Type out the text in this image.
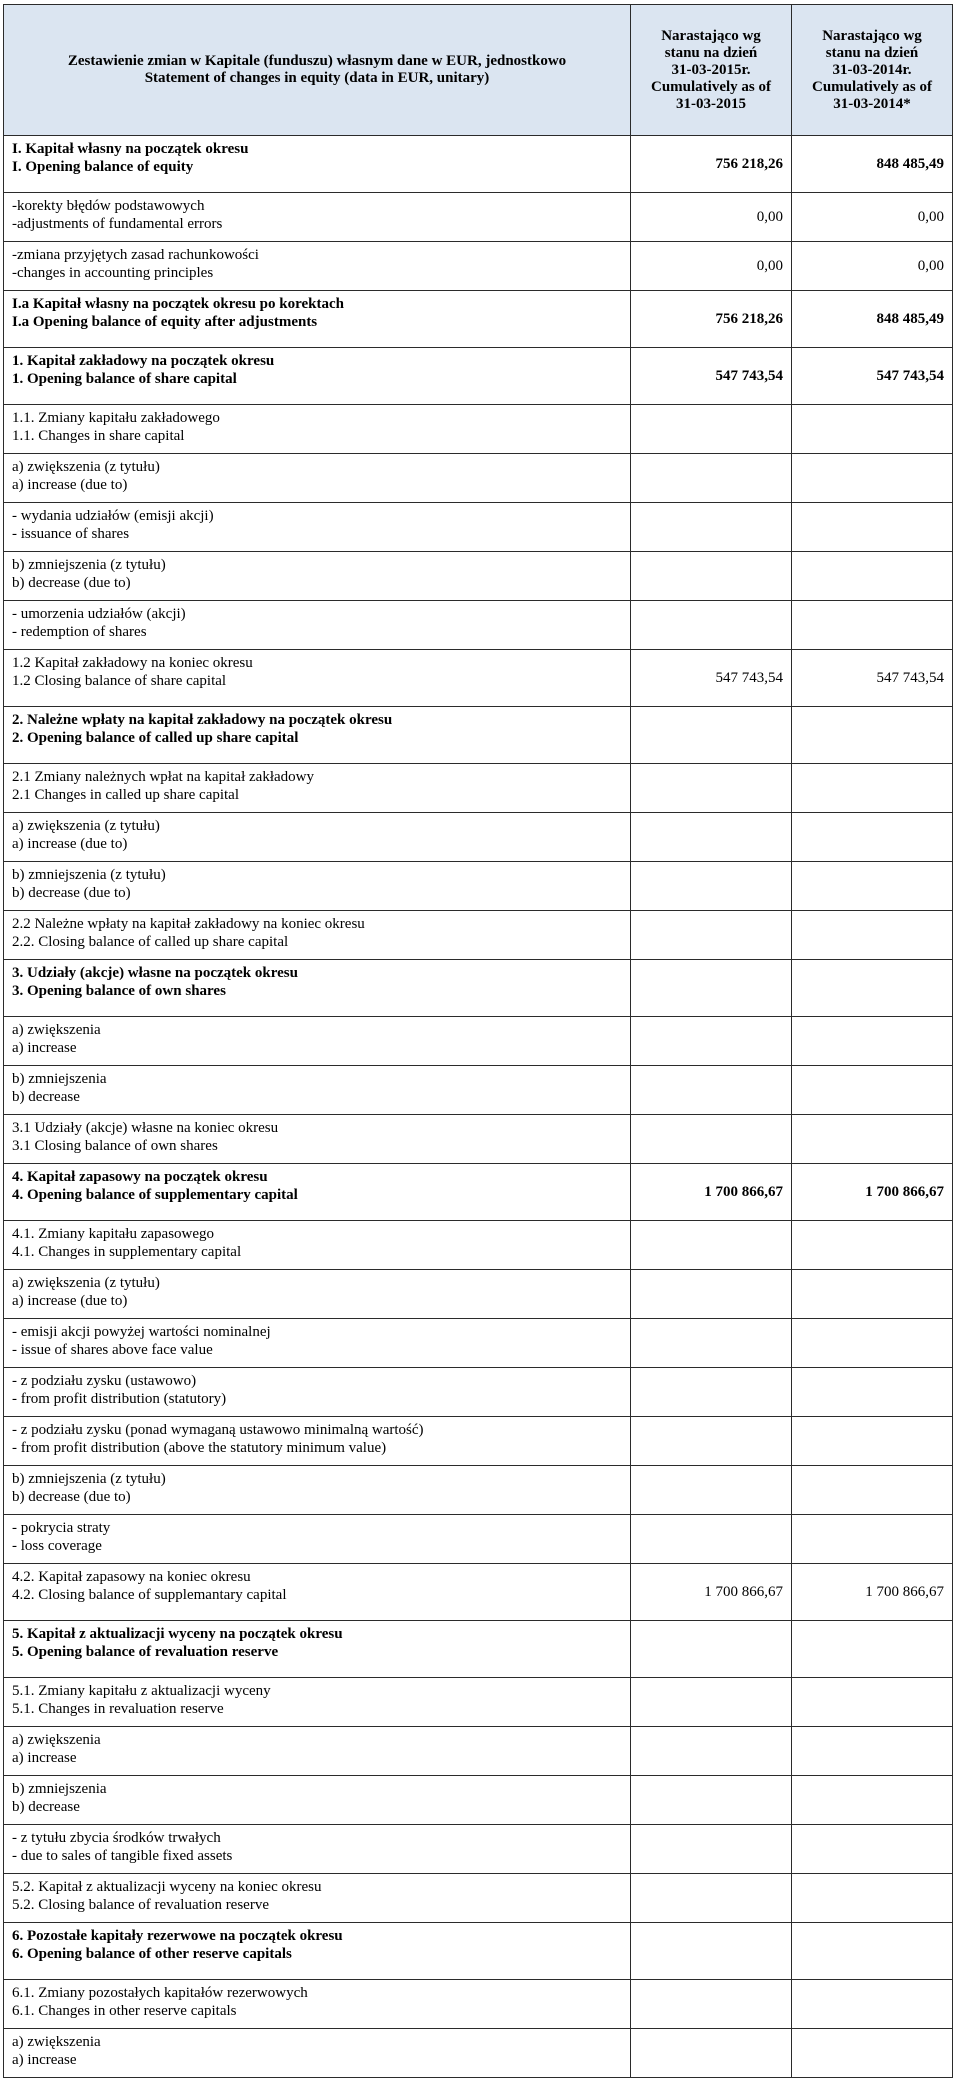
Zestawienie zmian w Kapitale (funduszu) własnym dane w EUR, jednostkowo
Statement of changes in equity (data in EUR, unitary)	Narastająco wg
stanu na dzień
31-03-2015r.
Cumulatively as of
31-03-2015	Narastająco wg
stanu na dzień
31-03-2014r.
Cumulatively as of
31-03-2014*
I. Kapitał własny na początek okresu
I. Opening balance of equity	756 218,26	848 485,49
-korekty błędów podstawowych
-adjustments of fundamental errors	0,00	0,00
-zmiana przyjętych zasad rachunkowości
-changes in accounting principles	0,00	0,00
I.a Kapitał własny na początek okresu po korektach
I.a Opening balance of equity after adjustments	756 218,26	848 485,49
1. Kapitał zakładowy na początek okresu
1. Opening balance of share capital	547 743,54	547 743,54
1.1. Zmiany kapitału zakładowego
1.1. Changes in share capital		
a) zwiększenia (z tytułu)
a) increase (due to)		
- wydania udziałów (emisji akcji)
- issuance of shares		
b) zmniejszenia (z tytułu)
b) decrease (due to)		
- umorzenia udziałów (akcji)
- redemption of shares		
1.2 Kapitał zakładowy na koniec okresu
1.2 Closing balance of share capital	547 743,54	547 743,54
2. Należne wpłaty na kapitał zakładowy na początek okresu
2. Opening balance of called up share capital		
2.1 Zmiany należnych wpłat na kapitał zakładowy
2.1 Changes in called up share capital		
a) zwiększenia (z tytułu)
a) increase (due to)		
b) zmniejszenia (z tytułu)
b) decrease (due to)		
2.2 Należne wpłaty na kapitał zakładowy na koniec okresu
2.2. Closing balance of called up share capital		
3. Udziały (akcje) własne na początek okresu
3. Opening balance of own shares		
a) zwiększenia
a) increase		
b) zmniejszenia
b) decrease		
3.1 Udziały (akcje) własne na koniec okresu
3.1 Closing balance of own shares		
4. Kapitał zapasowy na początek okresu
4. Opening balance of supplementary capital	1 700 866,67	1 700 866,67
4.1. Zmiany kapitału zapasowego
4.1. Changes in supplementary capital		
a) zwiększenia (z tytułu)
a) increase (due to)		
- emisji akcji powyżej wartości nominalnej
- issue of shares above face value		
- z podziału zysku (ustawowo)
- from profit distribution (statutory)		
- z podziału zysku (ponad wymaganą ustawowo minimalną wartość)
- from profit distribution (above the statutory minimum value)		
b) zmniejszenia (z tytułu)
b) decrease (due to)		
- pokrycia straty
- loss coverage		
4.2. Kapitał zapasowy na koniec okresu
4.2. Closing balance of supplemantary capital	1 700 866,67	1 700 866,67
5. Kapitał z aktualizacji wyceny na początek okresu
5. Opening balance of revaluation reserve		
5.1. Zmiany kapitału z aktualizacji wyceny
5.1. Changes in revaluation reserve		
a) zwiększenia
a) increase		
b) zmniejszenia
b) decrease		
- z tytułu zbycia środków trwałych
- due to sales of tangible fixed assets		
5.2. Kapitał z aktualizacji wyceny na koniec okresu
5.2. Closing balance of revaluation reserve		
6. Pozostałe kapitały rezerwowe na początek okresu
6. Opening balance of other reserve capitals		
6.1. Zmiany pozostałych kapitałów rezerwowych
6.1. Changes in other reserve capitals		
a) zwiększenia
a) increase		
